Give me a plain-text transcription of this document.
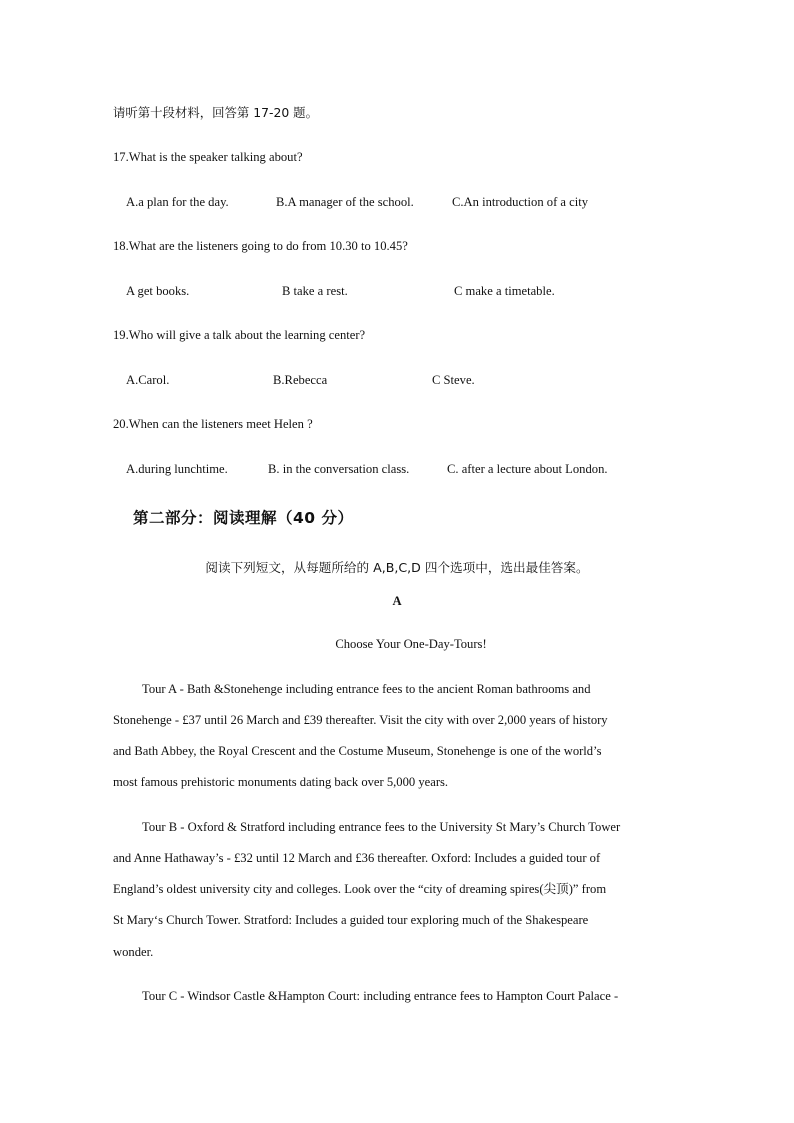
请听第十段材料，回答第 17-20 题。
17.What is the speaker talking about?
A.a plan for the day.	B.A manager of the school.	C.An introduction of a city
18.What are the listeners going to do from 10.30 to 10.45?
A get books.	B take a rest.	C make a timetable.
19.Who will give a talk about the learning center?
A.Carol.	B.Rebecca	C Steve.
20.When can the listeners meet Helen ?
A.during lunchtime.	B. in the conversation class.	C. after a lecture about London.
第二部分：阅读理解（40 分）
阅读下列短文，从每题所给的 A,B,C,D 四个选项中，选出最佳答案。
A
Choose Your One-Day-Tours!
Tour A - Bath &Stonehenge including entrance fees to the ancient Roman bathrooms and
Stonehenge - £37 until 26 March and £39 thereafter. Visit the city with over 2,000 years of history
and Bath Abbey, the Royal Crescent and the Costume Museum, Stonehenge is one of the world’s
most famous prehistoric monuments dating back over 5,000 years.
Tour B - Oxford & Stratford including entrance fees to the University St Mary’s Church Tower
and Anne Hathaway’s - £32 until 12 March and £36 thereafter. Oxford: Includes a guided tour of
England’s oldest university city and colleges. Look over the “city of dreaming spires(尖顶)” from
St Mary‘s Church Tower. Stratford: Includes a guided tour exploring much of the Shakespeare
wonder.
Tour C - Windsor Castle &Hampton Court: including entrance fees to Hampton Court Palace -
